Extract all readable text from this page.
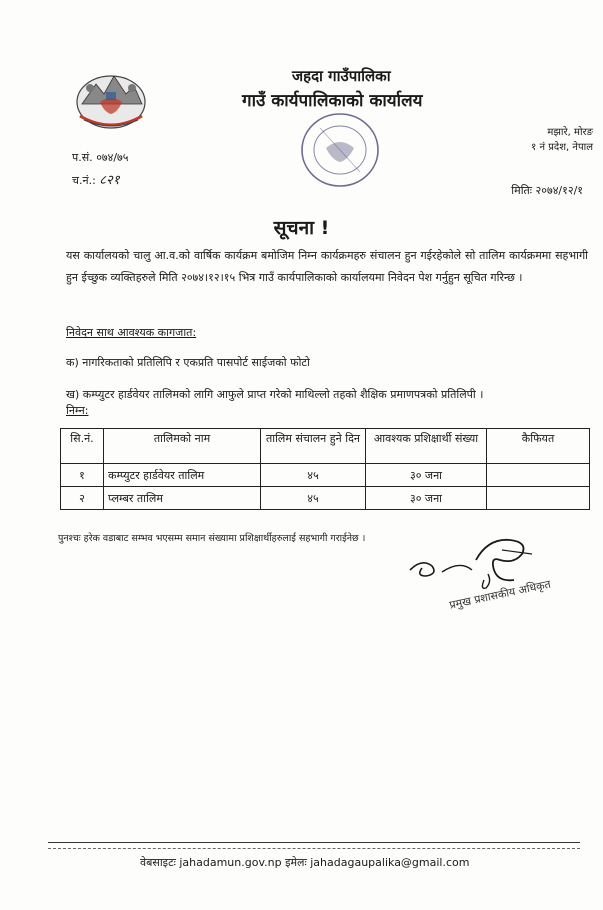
जहदा गाउँपालिका
गाउँ कार्यपालिकाको कार्यालय
मझारे, मोरङ
१ नं प्रदेश, नेपाल
प.सं. ०७४/७५
च.नं.: ८२१
मितिः २०७४/१२/१
सूचना !
यस कार्यालयको चालु आ.व.को वार्षिक कार्यक्रम बमोजिम निम्न कार्यक्रमहरु संचालन हुन गईरहेकोले सो तालिम कार्यक्रममा सहभागी हुन ईच्छुक व्यक्तिहरुले मिति २०७४।१२।१५ भित्र गाउँ कार्यपालिकाको कार्यालयमा निवेदन पेश गर्नुहुन सूचित गरिन्छ ।
निवेदन साथ आवश्यक कागजात:
क) नागरिकताको प्रतिलिपि र एकप्रति पासपोर्ट साईजको फोटो
ख) कम्प्युटर हार्डवेयर तालिमको लागि आफुले प्राप्त गरेको माथिल्लो तहको शैक्षिक प्रमाणपत्रको प्रतिलिपी ।
निम्न:
सि.नं.	तालिमको नाम	तालिम संचालन हुने दिन	आवश्यक प्रशिक्षार्थी संख्या	कैफियत
१	कम्प्युटर हार्डवेयर तालिम	४५	३० जना	
२	प्लम्बर तालिम	४५	३० जना	
पुनश्चः हरेक वडाबाट सम्भव भएसम्म समान संख्यामा प्रशिक्षार्थीहरुलाई सहभागी गराईनेछ ।
प्रमुख प्रशासकीय अधिकृत
वेबसाइटः jahadamun.gov.np इमेलः jahadagaupalika@gmail.com
